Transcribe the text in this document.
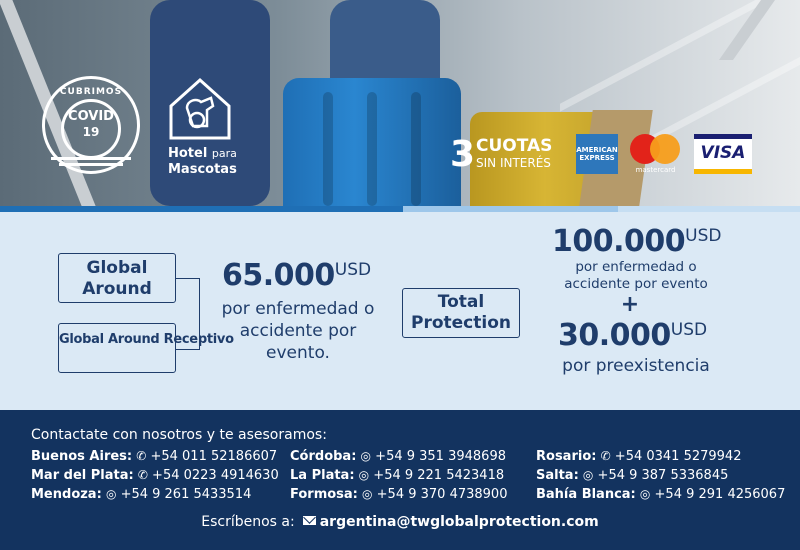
CUBRIMOS
COVID
19
Hotel para
Mascotas	3 CUOTAS
SIN INTERÉS
AMERICAN
EXPRESS
mastercard
VISA
Global Around
Global Around Receptivo
65.000USD
por enfermedad o accidente por evento.
Total Protection
100.000USD
por enfermedad o accidente por evento
+
30.000USD
por preexistencia
Contactate con nosotros y te asesoramos:
Buenos Aires: ✆ +54 011 52186607
Mar del Plata: ✆ +54 0223 4914630
Mendoza: ◎ +54 9 261 5433514
Córdoba: ◎ +54 9 351 3948698
La Plata: ◎ +54 9 221 5423418
Formosa: ◎ +54 9 370 4738900
Rosario: ✆ +54 0341 5279942
Salta: ◎ +54 9 387 5336845
Bahía Blanca: ◎ +54 9 291 4256067
Escríbenos a: argentina@twglobalprotection.com
